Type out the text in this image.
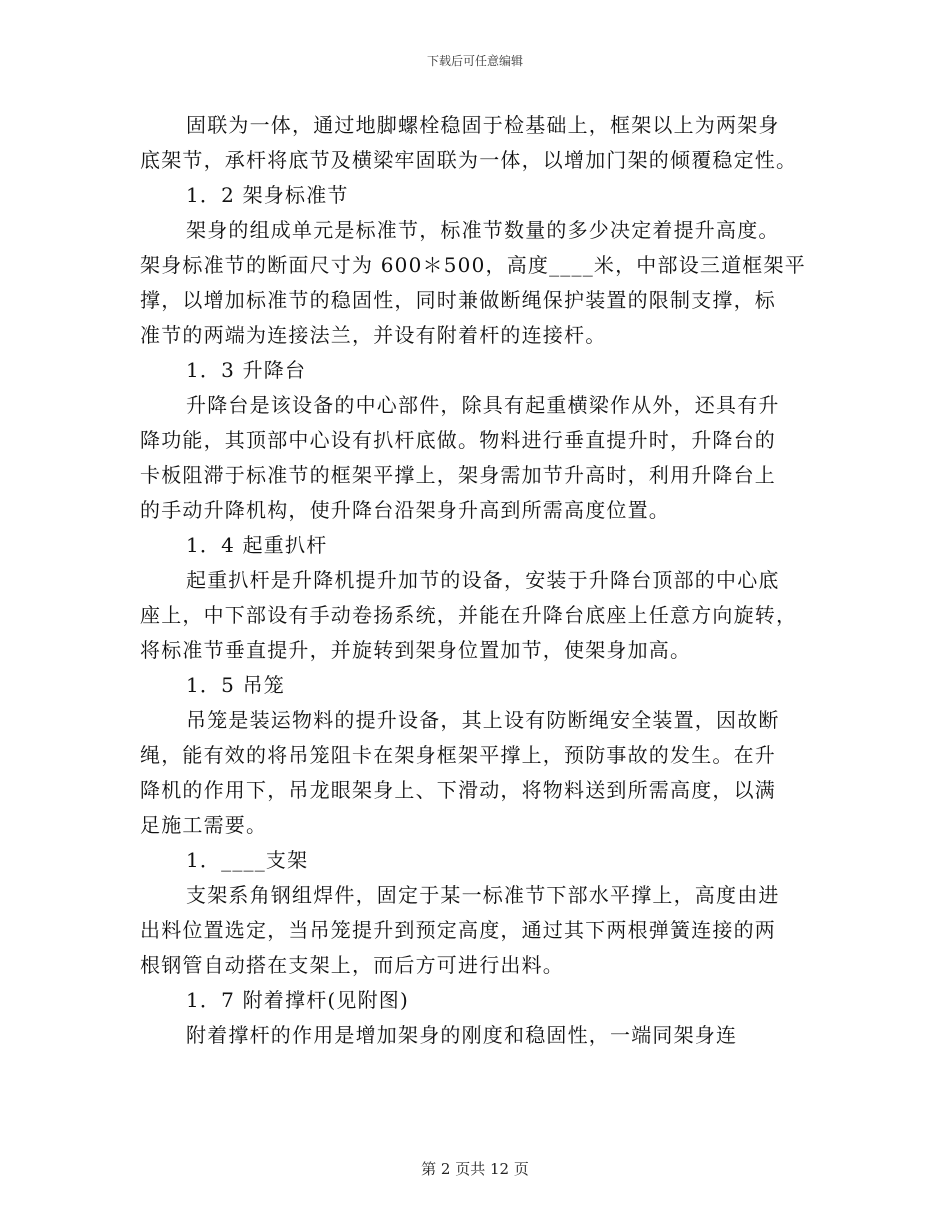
下载后可任意编辑
固联为一体，通过地脚螺栓稳固于检基础上，框架以上为两架身
底架节，承杆将底节及横梁牢固联为一体，以增加门架的倾覆稳定性。
1．2 架身标准节
架身的组成单元是标准节，标准节数量的多少决定着提升高度。
架身标准节的断面尺寸为 600＊500，高度____米，中部设三道框架平
撑，以增加标准节的稳固性，同时兼做断绳保护装置的限制支撑，标
准节的两端为连接法兰，并设有附着杆的连接杆。
1．3 升降台
升降台是该设备的中心部件，除具有起重横梁作从外，还具有升
降功能，其顶部中心设有扒杆底做。物料进行垂直提升时，升降台的
卡板阻滞于标准节的框架平撑上，架身需加节升高时，利用升降台上
的手动升降机构，使升降台沿架身升高到所需高度位置。
1．4 起重扒杆
起重扒杆是升降机提升加节的设备，安装于升降台顶部的中心底
座上，中下部设有手动卷扬系统，并能在升降台底座上任意方向旋转，
将标准节垂直提升，并旋转到架身位置加节，使架身加高。
1．5 吊笼
吊笼是装运物料的提升设备，其上设有防断绳安全装置，因故断
绳，能有效的将吊笼阻卡在架身框架平撑上，预防事故的发生。在升
降机的作用下，吊龙眼架身上、下滑动，将物料送到所需高度，以满
足施工需要。
1．____支架
支架系角钢组焊件，固定于某一标准节下部水平撑上，高度由进
出料位置选定，当吊笼提升到预定高度，通过其下两根弹簧连接的两
根钢管自动搭在支架上，而后方可进行出料。
1．7 附着撑杆(见附图)
附着撑杆的作用是增加架身的刚度和稳固性，一端同架身连
第 2 页共 12 页
